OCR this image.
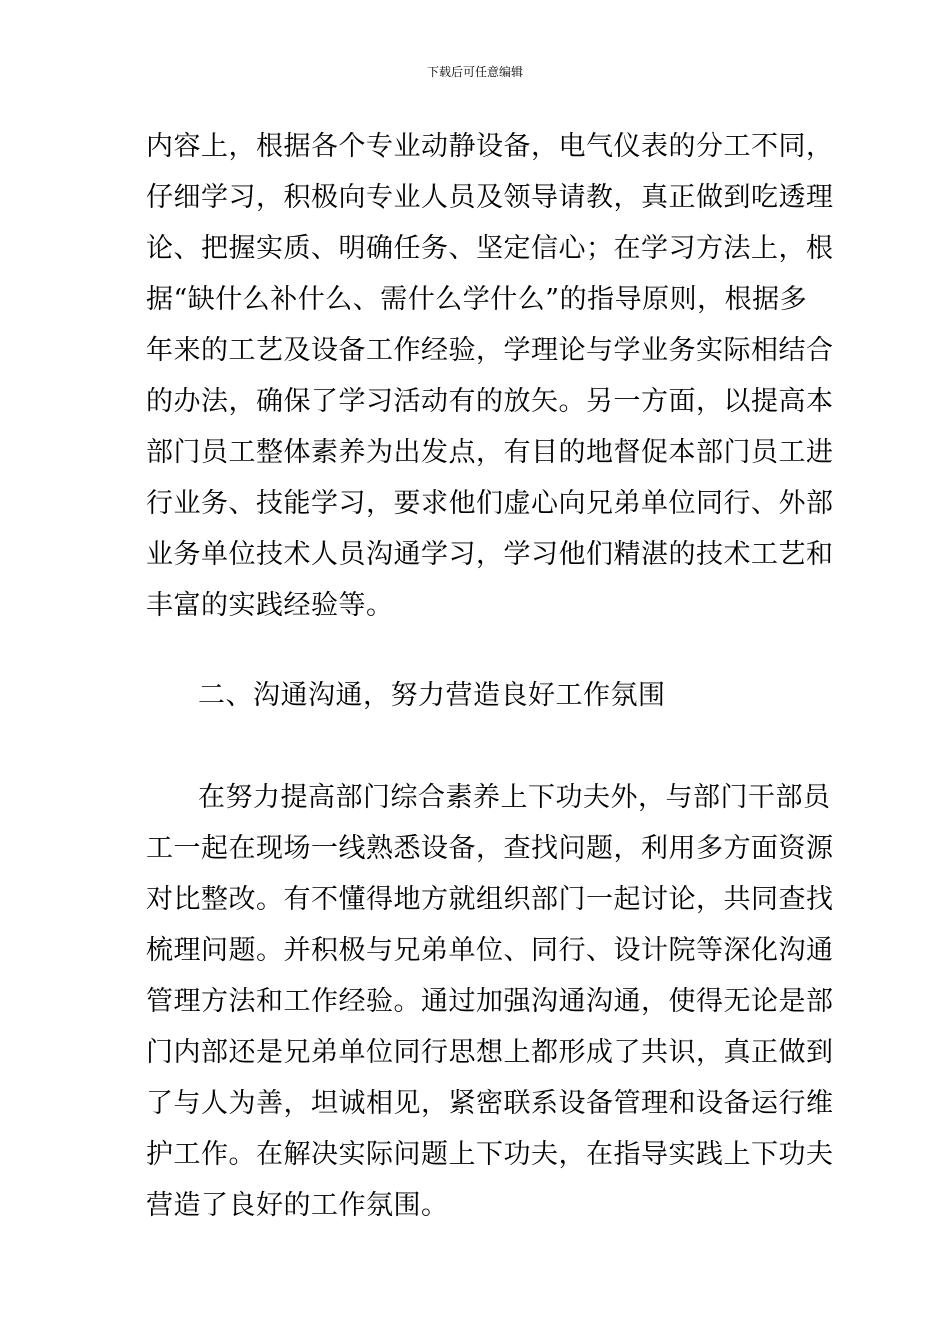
下载后可任意编辑
内容上，根据各个专业动静设备，电气仪表的分工不同，
仔细学习，积极向专业人员及领导请教，真正做到吃透理
论、把握实质、明确任务、坚定信心；在学习方法上，根
据“缺什么补什么、需什么学什么”的指导原则，根据多
年来的工艺及设备工作经验，学理论与学业务实际相结合
的办法，确保了学习活动有的放矢。另一方面，以提高本
部门员工整体素养为出发点，有目的地督促本部门员工进
行业务、技能学习，要求他们虚心向兄弟单位同行、外部
业务单位技术人员沟通学习，学习他们精湛的技术工艺和
丰富的实践经验等。
二、沟通沟通，努力营造良好工作氛围
在努力提高部门综合素养上下功夫外，与部门干部员
工一起在现场一线熟悉设备，查找问题，利用多方面资源
对比整改。有不懂得地方就组织部门一起讨论，共同查找
梳理问题。并积极与兄弟单位、同行、设计院等深化沟通
管理方法和工作经验。通过加强沟通沟通，使得无论是部
门内部还是兄弟单位同行思想上都形成了共识，真正做到
了与人为善，坦诚相见，紧密联系设备管理和设备运行维
护工作。在解决实际问题上下功夫，在指导实践上下功夫
营造了良好的工作氛围。
